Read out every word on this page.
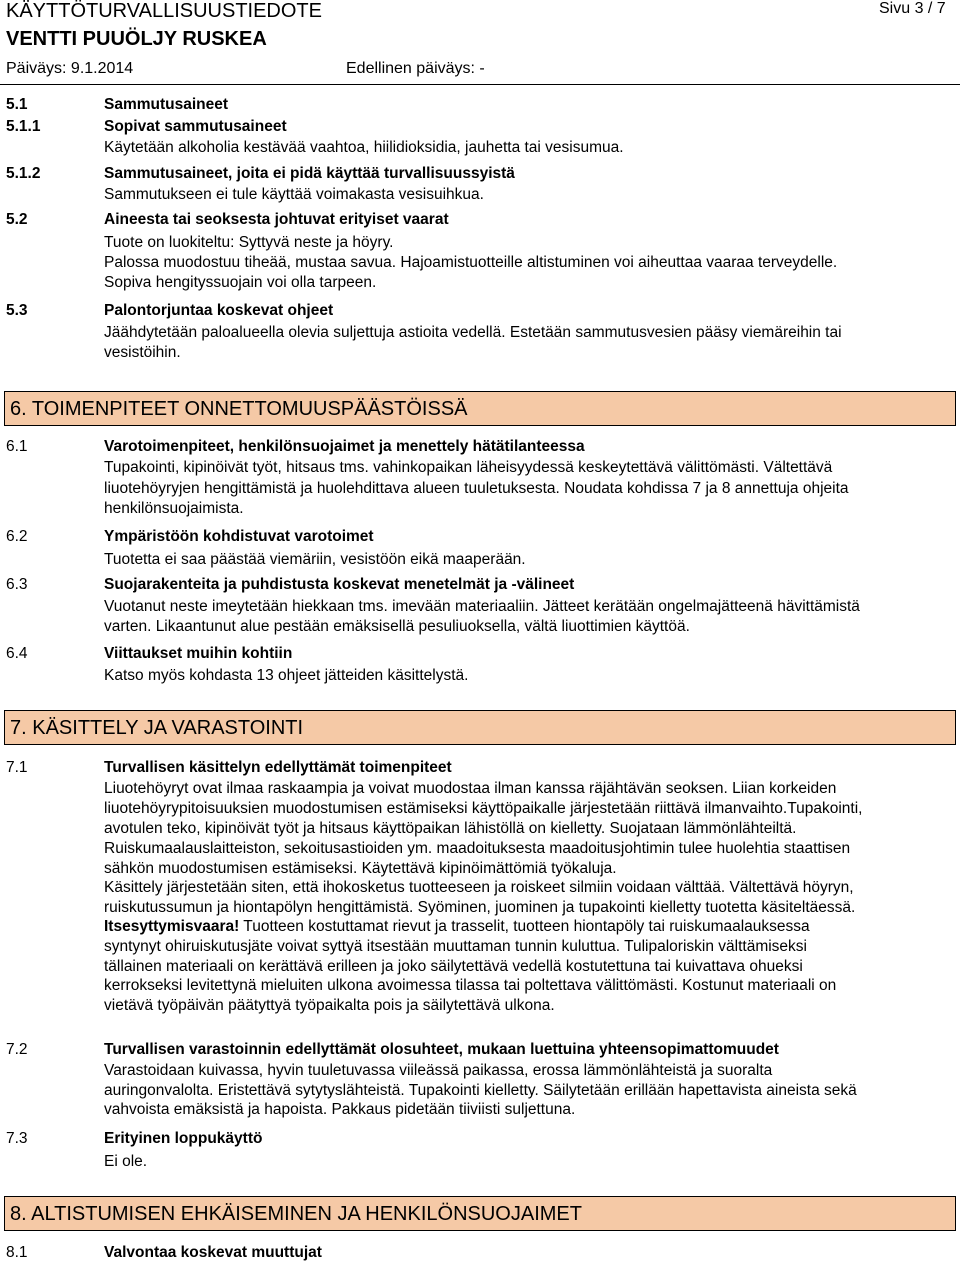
KÄYTTÖTURVALLISUUSTIEDOTE	Sivu 3 / 7
VENTTI PUUÖLJY RUSKEA
Päiväys: 9.1.2014	Edellinen päiväys: -
5.1	Sammutusaineet
5.1.1	Sopivat sammutusaineet
Käytetään alkoholia kestävää vaahtoa, hiilidioksidia, jauhetta tai vesisumua.
5.1.2	Sammutusaineet, joita ei pidä käyttää turvallisuussyistä
Sammutukseen ei tule käyttää voimakasta vesisuihkua.
5.2	Aineesta tai seoksesta johtuvat erityiset vaarat
Tuote on luokiteltu: Syttyvä neste ja höyry.
Palossa muodostuu tiheää, mustaa savua. Hajoamistuotteille altistuminen voi aiheuttaa vaaraa terveydelle.
Sopiva hengityssuojain voi olla tarpeen.
5.3	Palontorjuntaa koskevat ohjeet
Jäähdytetään paloalueella olevia suljettuja astioita vedellä. Estetään sammutusvesien pääsy viemäreihin tai
vesistöihin.
6. TOIMENPITEET ONNETTOMUUSPÄÄSTÖISSÄ
6.1	Varotoimenpiteet, henkilönsuojaimet ja menettely hätätilanteessa
Tupakointi, kipinöivät työt, hitsaus tms. vahinkopaikan läheisyydessä keskeytettävä välittömästi. Vältettävä
liuotehöyryjen hengittämistä ja huolehdittava alueen tuuletuksesta. Noudata kohdissa 7 ja 8 annettuja ohjeita
henkilönsuojaimista.
6.2	Ympäristöön kohdistuvat varotoimet
Tuotetta ei saa päästää viemäriin, vesistöön eikä maaperään.
6.3	Suojarakenteita ja puhdistusta koskevat menetelmät ja -välineet
Vuotanut neste imeytetään hiekkaan tms. imevään materiaaliin. Jätteet kerätään ongelmajätteenä hävittämistä
varten. Likaantunut alue pestään emäksisellä pesuliuoksella, vältä liuottimien käyttöä.
6.4	Viittaukset muihin kohtiin
Katso myös kohdasta 13 ohjeet jätteiden käsittelystä.
7. KÄSITTELY JA VARASTOINTI
7.1	Turvallisen käsittelyn edellyttämät toimenpiteet
Liuotehöyryt ovat ilmaa raskaampia ja voivat muodostaa ilman kanssa räjähtävän seoksen. Liian korkeiden
liuotehöyrypitoisuuksien muodostumisen estämiseksi käyttöpaikalle järjestetään riittävä ilmanvaihto.Tupakointi,
avotulen teko, kipinöivät työt ja hitsaus käyttöpaikan lähistöllä on kielletty. Suojataan lämmönlähteiltä.
Ruiskumaalauslaitteiston, sekoitusastioiden ym. maadoituksesta maadoitusjohtimin tulee huolehtia staattisen
sähkön muodostumisen estämiseksi. Käytettävä kipinöimättömiä työkaluja.
Käsittely järjestetään siten, että ihokosketus tuotteeseen ja roiskeet silmiin voidaan välttää. Vältettävä höyryn,
ruiskutussumun ja hiontapölyn hengittämistä. Syöminen, juominen ja tupakointi kielletty tuotetta käsiteltäessä.
Itsesyttymisvaara! Tuotteen kostuttamat rievut ja trasselit, tuotteen hiontapöly tai ruiskumaalauksessa
syntynyt ohiruiskutusjäte voivat syttyä itsestään muuttaman tunnin kuluttua. Tulipaloriskin välttämiseksi
tällainen materiaali on kerättävä erilleen ja joko säilytettävä vedellä kostutettuna tai kuivattava ohueksi
kerrokseksi levitettynä mieluiten ulkona avoimessa tilassa tai poltettava välittömästi. Kostunut materiaali on
vietävä työpäivän päätyttyä työpaikalta pois ja säilytettävä ulkona.
7.2	Turvallisen varastoinnin edellyttämät olosuhteet, mukaan luettuina yhteensopimattomuudet
Varastoidaan kuivassa, hyvin tuuletuvassa viileässä paikassa, erossa lämmönlähteistä ja suoralta
auringonvalolta. Eristettävä sytytyslähteistä. Tupakointi kielletty. Säilytetään erillään hapettavista aineista sekä
vahvoista emäksistä ja hapoista. Pakkaus pidetään tiiviisti suljettuna.
7.3	Erityinen loppukäyttö
Ei ole.
8. ALTISTUMISEN EHKÄISEMINEN JA HENKILÖNSUOJAIMET
8.1	Valvontaa koskevat muuttujat
